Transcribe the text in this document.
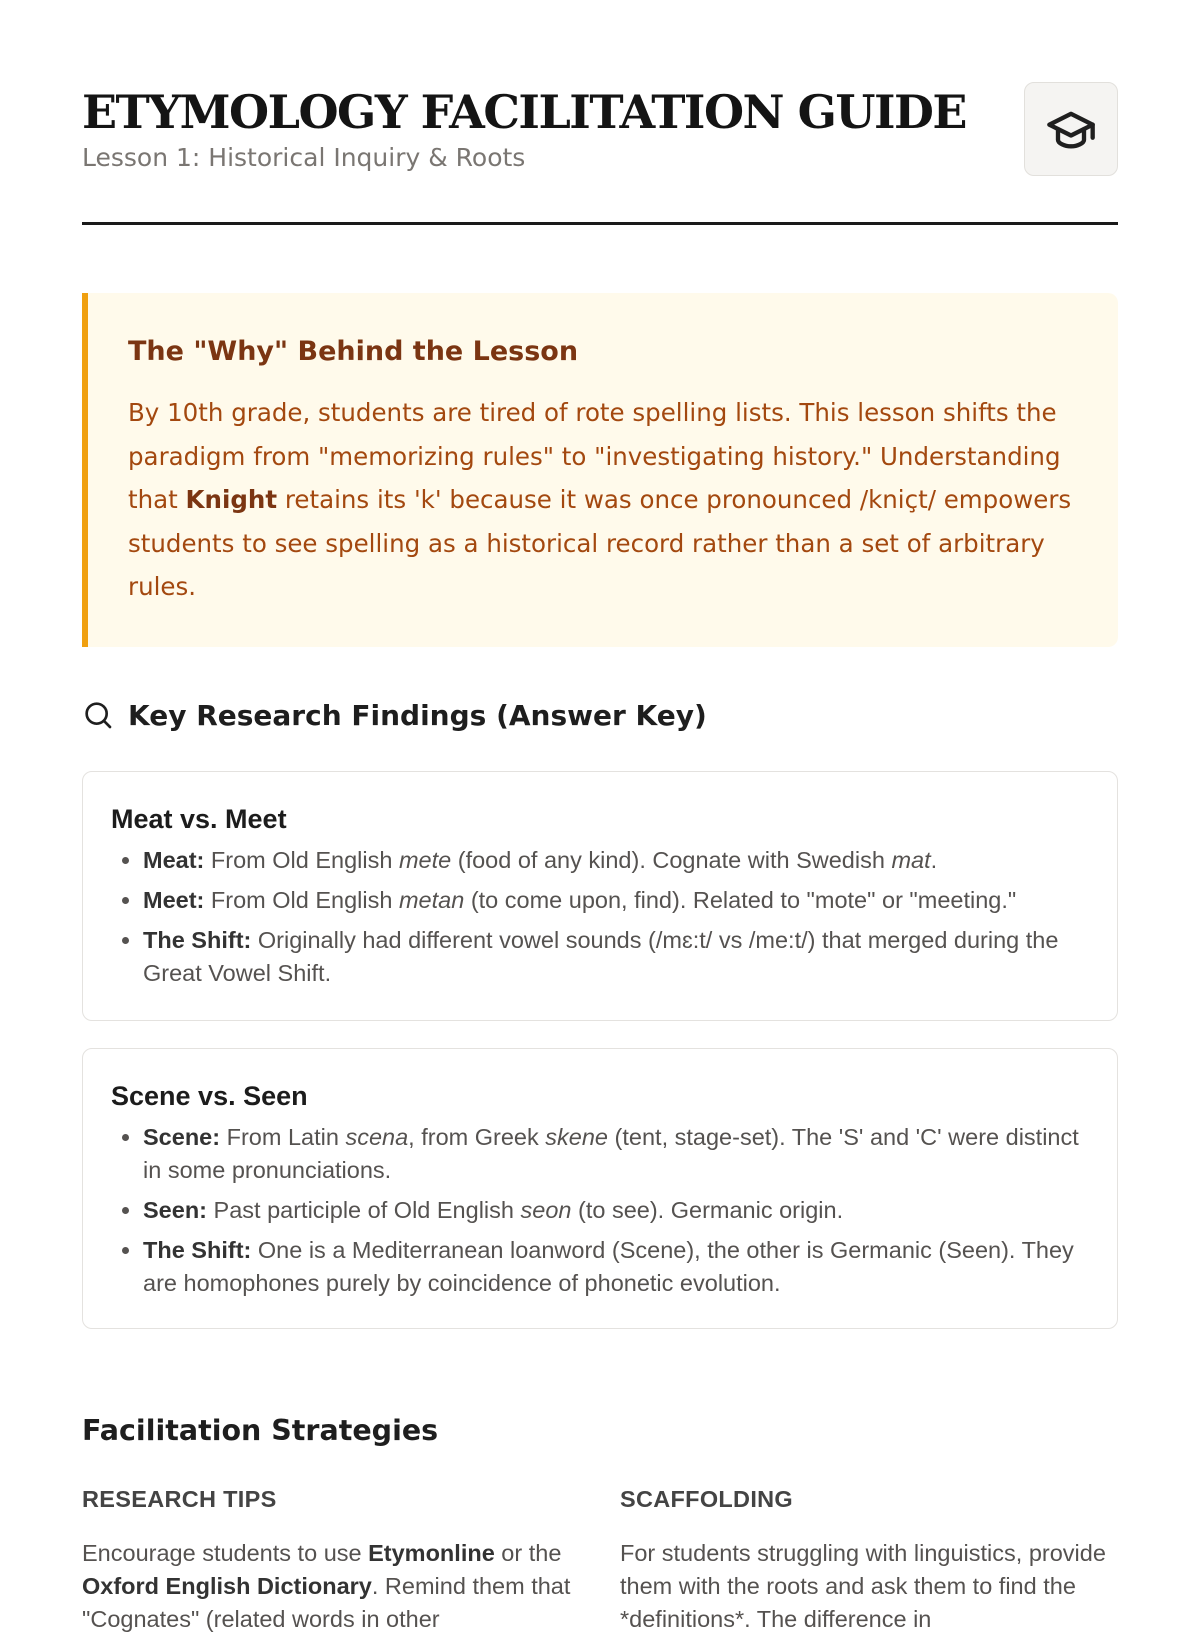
ETYMOLOGY FACILITATION GUIDE
Lesson 1: Historical Inquiry & Roots
The "Why" Behind the Lesson

By 10th grade, students are tired of rote spelling lists. This lesson shifts the paradigm from "memorizing rules" to "investigating history." Understanding that Knight retains its 'k' because it was once pronounced /kniçt/ empowers students to see spelling as a historical record rather than a set of arbitrary rules.

Key Research Findings (Answer Key)
Meat vs. Meet
• Meat: From Old English mete (food of any kind). Cognate with Swedish mat.
• Meet: From Old English metan (to come upon, find). Related to "mote" or "meeting."
• The Shift: Originally had different vowel sounds (/mɛ:t/ vs /me:t/) that merged during the Great Vowel Shift.
Scene vs. Seen
• Scene: From Latin scena, from Greek skene (tent, stage-set). The 'S' and 'C' were distinct in some pronunciations.
• Seen: Past participle of Old English seon (to see). Germanic origin.
• The Shift: One is a Mediterranean loanword (Scene), the other is Germanic (Seen). They are homophones purely by coincidence of phonetic evolution.
Facilitation Strategies
RESEARCH TIPS

Encourage students to use Etymonline or the Oxford English Dictionary. Remind them that "Cognates" (related words in other

SCAFFOLDING

For students struggling with linguistics, provide them with the roots and ask them to find the *definitions*. The difference in
